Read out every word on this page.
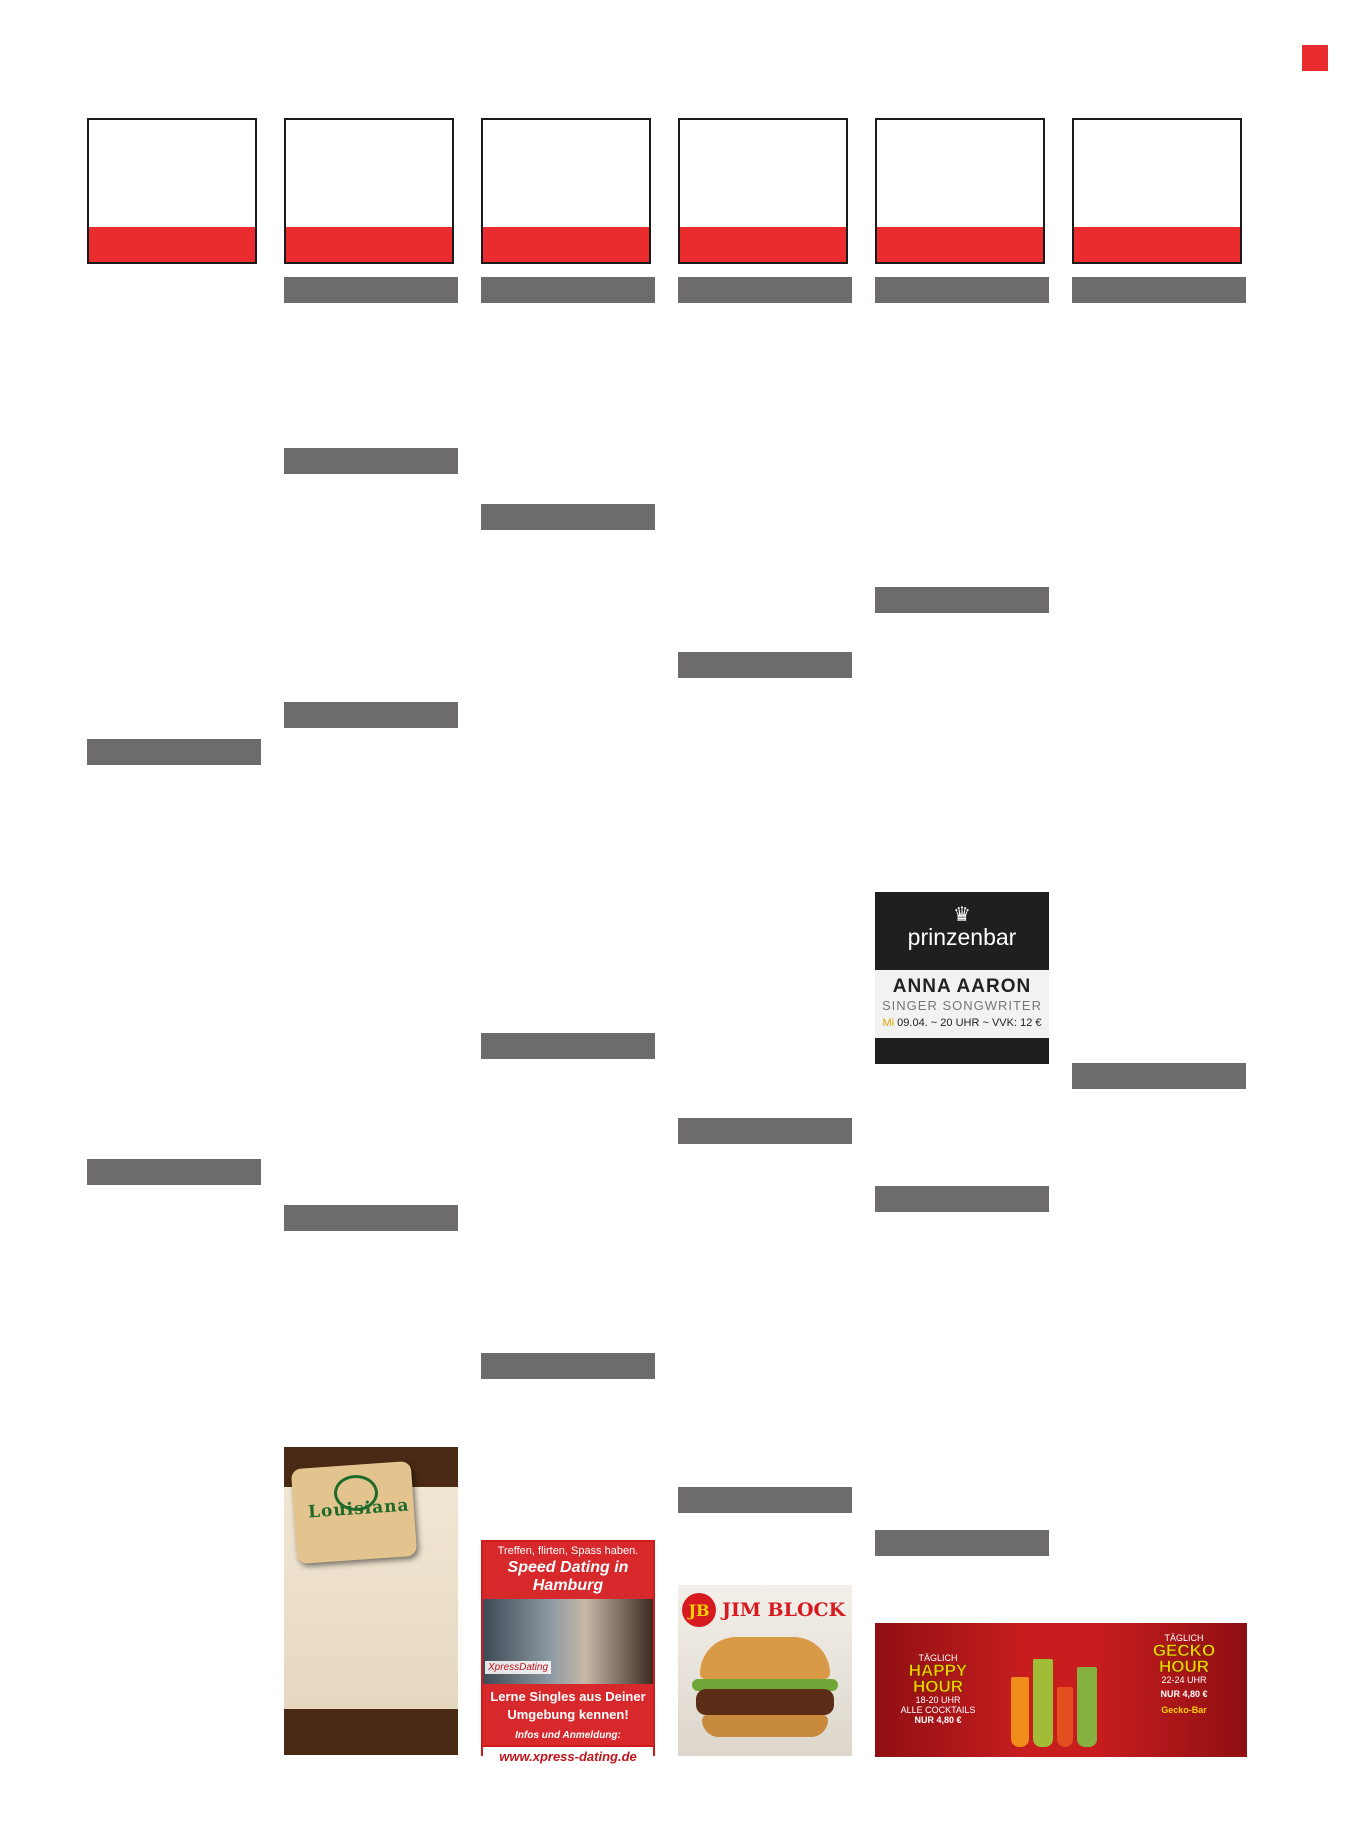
♛
prinzenbar
ANNA AARON
SINGER SONGWRITER
Mi 09.04. ~ 20 UHR ~ VVK: 12 €
Louisiana
Treffen, flirten, Spass haben.
Speed Dating in Hamburg
XpressDating
Lerne Singles aus Deiner Umgebung kennen!
Infos und Anmeldung:
www.xpress-dating.de
JB JIM BLOCK
TÄGLICH
HAPPY HOUR
18-20 UHR
ALLE COCKTAILS
NUR 4,80 €
TÄGLICH
GECKO HOUR
22-24 UHR
NUR 4,80 €
Gecko-Bar
